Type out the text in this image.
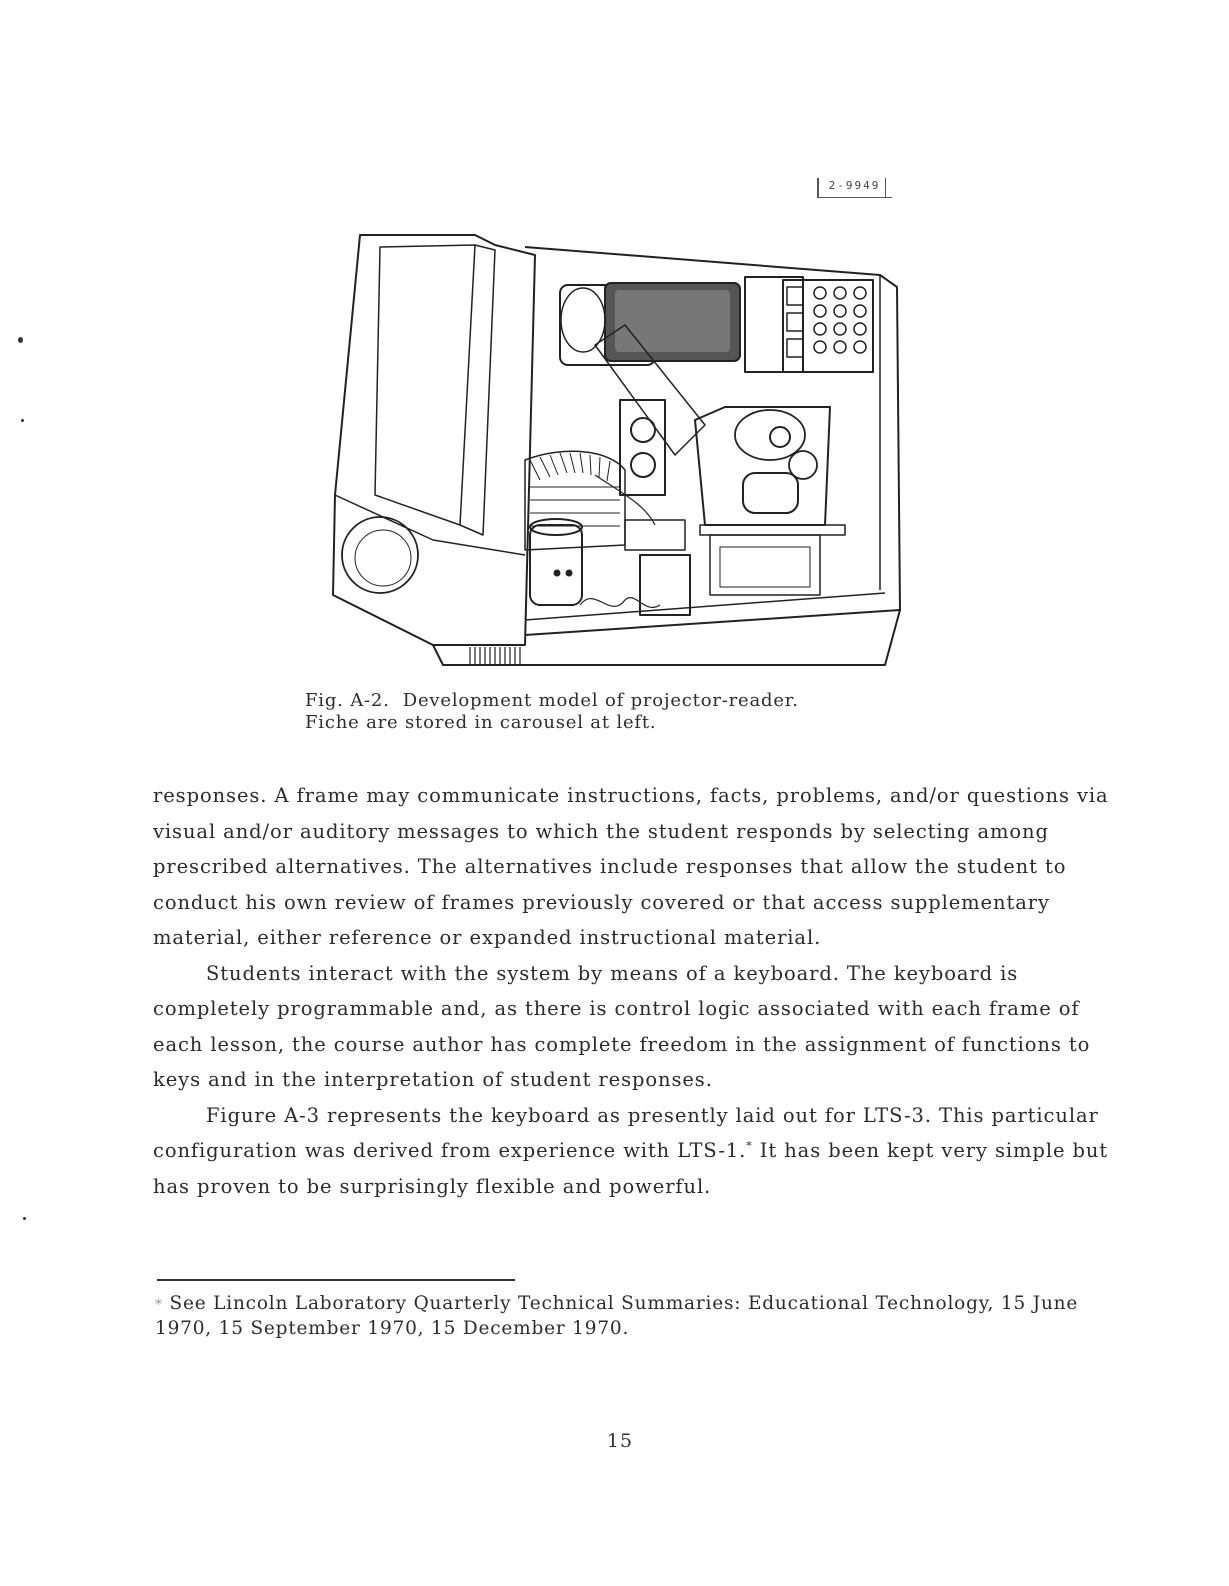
2-9949
Fig. A-2.  Development model of projector-reader.
Fiche are stored in carousel at left.

responses. A frame may communicate instructions, facts, problems, and/or questions via visual and/or auditory messages to which the student responds by selecting among prescribed alternatives. The alternatives include responses that allow the student to conduct his own review of frames previously covered or that access supplementary material, either reference or expanded instructional material.

Students interact with the system by means of a keyboard. The keyboard is completely programmable and, as there is control logic associated with each frame of each lesson, the course author has complete freedom in the assignment of functions to keys and in the interpretation of student responses.

Figure A-3 represents the keyboard as presently laid out for LTS-3. This particular configuration was derived from experience with LTS-1.* It has been kept very simple but has proven to be surprisingly flexible and powerful.

* See Lincoln Laboratory Quarterly Technical Summaries: Educational Technology, 15 June 1970, 15 September 1970, 15 December 1970.
15
